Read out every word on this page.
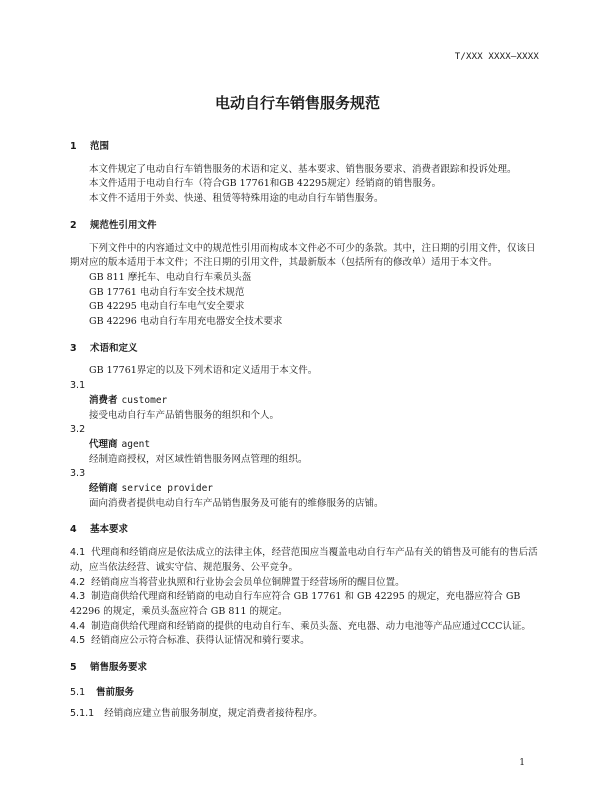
T/XXX XXXX—XXXX
电动自行车销售服务规范
1 范围
本文件规定了电动自行车销售服务的术语和定义、基本要求、销售服务要求、消费者跟踪和投诉处理。
本文件适用于电动自行车（符合GB 17761和GB 42295规定）经销商的销售服务。
本文件不适用于外卖、快递、租赁等特殊用途的电动自行车销售服务。
2 规范性引用文件
下列文件中的内容通过文中的规范性引用而构成本文件必不可少的条款。其中，注日期的引用文件，仅该日期对应的版本适用于本文件；不注日期的引用文件，其最新版本（包括所有的修改单）适用于本文件。
GB 811 摩托车、电动自行车乘员头盔
GB 17761 电动自行车安全技术规范
GB 42295 电动自行车电气安全要求
GB 42296 电动自行车用充电器安全技术要求
3 术语和定义
GB 17761界定的以及下列术语和定义适用于本文件。
3.1
消费者 customer
接受电动自行车产品销售服务的组织和个人。
3.2
代理商 agent
经制造商授权，对区域性销售服务网点管理的组织。
3.3
经销商 service provider
面向消费者提供电动自行车产品销售服务及可能有的维修服务的店铺。
4 基本要求
4.1 代理商和经销商应是依法成立的法律主体，经营范围应当覆盖电动自行车产品有关的销售及可能有的售后活动，应当依法经营、诚实守信、规范服务、公平竞争。
4.2 经销商应当将营业执照和行业协会会员单位铜牌置于经营场所的醒目位置。
4.3 制造商供给代理商和经销商的电动自行车应符合 GB 17761 和 GB 42295 的规定，充电器应符合 GB 42296 的规定，乘员头盔应符合 GB 811 的规定。
4.4 制造商供给代理商和经销商的提供的电动自行车、乘员头盔、充电器、动力电池等产品应通过CCC认证。
4.5 经销商应公示符合标准、获得认证情况和骑行要求。
5 销售服务要求
5.1 售前服务
5.1.1 经销商应建立售前服务制度，规定消费者接待程序。
1
